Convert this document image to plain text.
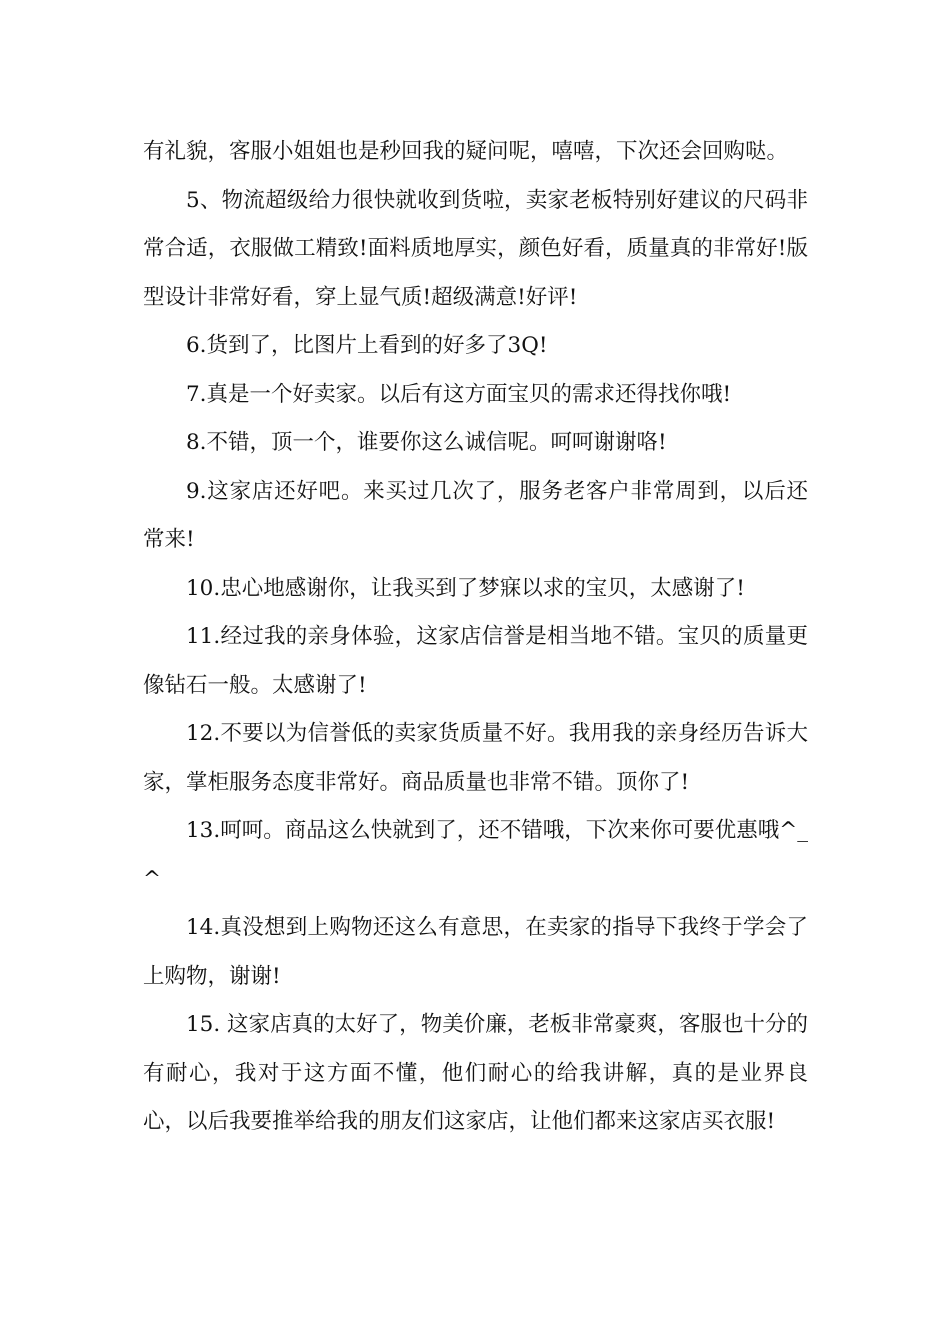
有礼貌，客服小姐姐也是秒回我的疑问呢，嘻嘻，下次还会回购哒。

5、物流超级给力很快就收到货啦，卖家老板特别好建议的尺码非常合适，衣服做工精致!面料质地厚实，颜色好看，质量真的非常好!版型设计非常好看，穿上显气质!超级满意!好评!

6.货到了，比图片上看到的好多了3Q!

7.真是一个好卖家。以后有这方面宝贝的需求还得找你哦!

8.不错，顶一个，谁要你这么诚信呢。呵呵谢谢咯!

9.这家店还好吧。来买过几次了，服务老客户非常周到，以后还常来!

10.忠心地感谢你，让我买到了梦寐以求的宝贝，太感谢了!

11.经过我的亲身体验，这家店信誉是相当地不错。宝贝的质量更像钻石一般。太感谢了!

12.不要以为信誉低的卖家货质量不好。我用我的亲身经历告诉大家，掌柜服务态度非常好。商品质量也非常不错。顶你了!

13.呵呵。商品这么快就到了，还不错哦，下次来你可要优惠哦^_^

14.真没想到上购物还这么有意思，在卖家的指导下我终于学会了上购物，谢谢!

15. 这家店真的太好了，物美价廉，老板非常豪爽，客服也十分的有耐心，我对于这方面不懂，他们耐心的给我讲解，真的是业界良心，以后我要推举给我的朋友们这家店，让他们都来这家店买衣服!
